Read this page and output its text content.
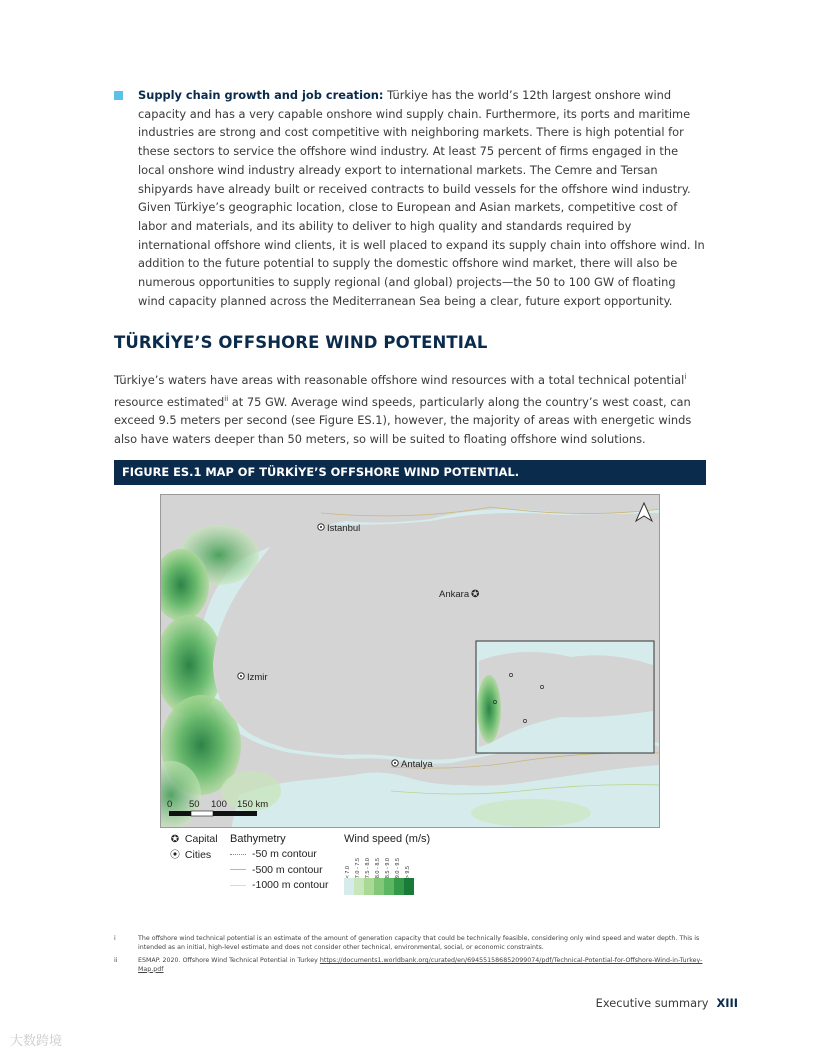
Supply chain growth and job creation: Türkiye has the world’s 12th largest onshore wind capacity and has a very capable onshore wind supply chain. Furthermore, its ports and maritime industries are strong and cost competitive with neighboring markets. There is high potential for these sectors to service the offshore wind industry. At least 75 percent of firms engaged in the local onshore wind industry already export to international markets. The Cemre and Tersan shipyards have already built or received contracts to build vessels for the offshore wind industry. Given Türkiye’s geographic location, close to European and Asian markets, competitive cost of labor and materials, and its ability to deliver to high quality and standards required by international offshore wind clients, it is well placed to expand its supply chain into offshore wind. In addition to the future potential to supply the domestic offshore wind market, there will also be numerous opportunities to supply regional (and global) projects—the 50 to 100 GW of floating wind capacity planned across the Mediterranean Sea being a clear, future export opportunity.
TÜRKİYE’S OFFSHORE WIND POTENTIAL

Türkiye’s waters have areas with reasonable offshore wind resources with a total technical potential$^i$ resource estimated$^{ii}$ at 75 GW. Average wind speeds, particularly along the country’s west coast, can exceed 9.5 meters per second (see Figure ES.1), however, the majority of areas with energetic winds also have waters deeper than 50 meters, so will be suited to floating offshore wind solutions.

FIGURE ES.1 MAP OF TÜRKİYE’S OFFSHORE WIND POTENTIAL.
Istanbul
Ankara ✪
Izmir
Antalya
0 50 100 150 km
✪ Capital
⦿ Cities
Bathymetry
-50 m contour
-500 m contour
-1000 m contour
Wind speed (m/s)
< 7.0 7.0 - 7.5 7.5 - 8.0 8.0 - 8.5 8.5 - 9.0 9.0 - 9.5 > 9.5
i	The offshore wind technical potential is an estimate of the amount of generation capacity that could be technically feasible, considering only wind speed and water depth. This is intended as an initial, high-level estimate and does not consider other technical, environmental, social, or economic constraints.
ii	ESMAP. 2020. Offshore Wind Technical Potential in Turkey https://documents1.worldbank.org/curated/en/694551586852099074/pdf/Technical-Potential-for-Offshore-Wind-in-Turkey-Map.pdf
Executive summary XIII
大数跨境
